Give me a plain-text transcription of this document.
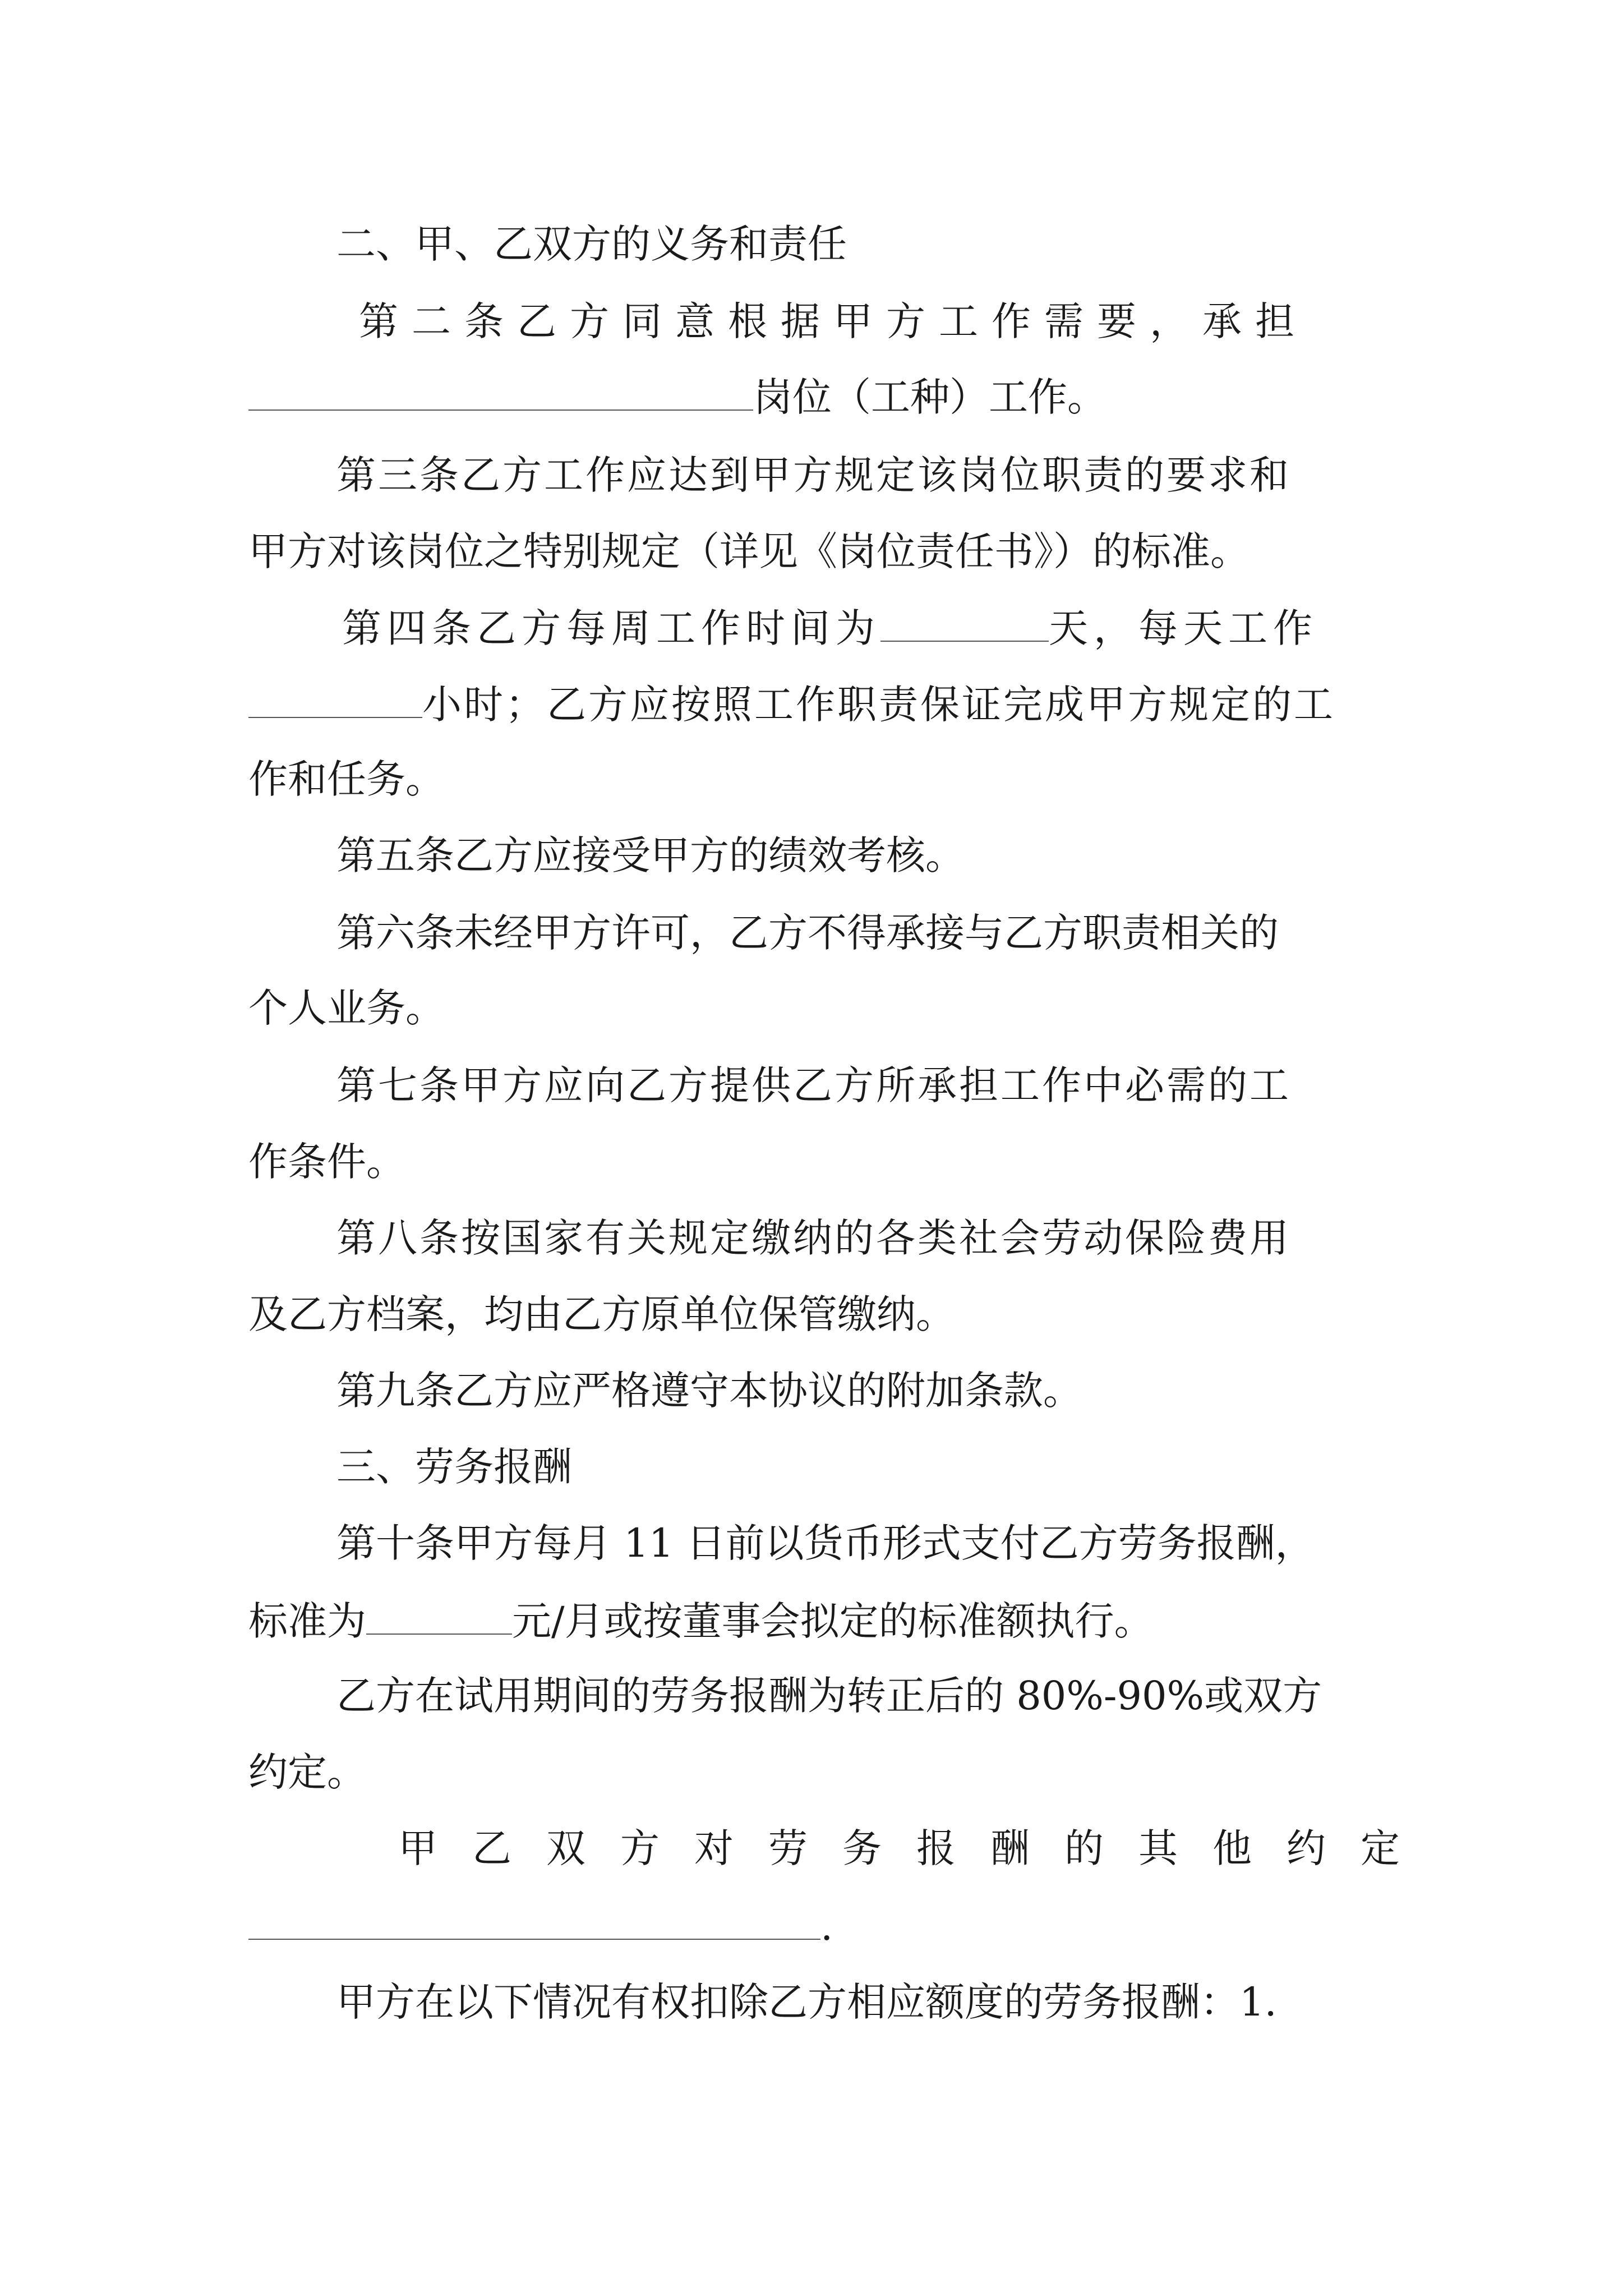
二、甲、乙双方的义务和责任
第二条乙方同意根据甲方工作需要，承担
岗位（工种）工作。
第三条乙方工作应达到甲方规定该岗位职责的要求和
甲方对该岗位之特别规定（详见《岗位责任书》）的标准。
第四条乙方每周工作时间为	天，每天工作
小时；乙方应按照工作职责保证完成甲方规定的工
作和任务。
第五条乙方应接受甲方的绩效考核。
第六条未经甲方许可，乙方不得承接与乙方职责相关的
个人业务。
第七条甲方应向乙方提供乙方所承担工作中必需的工
作条件。
第八条按国家有关规定缴纳的各类社会劳动保险费用
及乙方档案，均由乙方原单位保管缴纳。
第九条乙方应严格遵守本协议的附加条款。
三、劳务报酬
第十条甲方每月 11 日前以货币形式支付乙方劳务报酬，
标准为	元/月或按董事会拟定的标准额执行。
乙方在试用期间的劳务报酬为转正后的 80%-90%或双方
约定。
甲乙双方对劳务报酬的其他约定
.
甲方在以下情况有权扣除乙方相应额度的劳务报酬：1.
